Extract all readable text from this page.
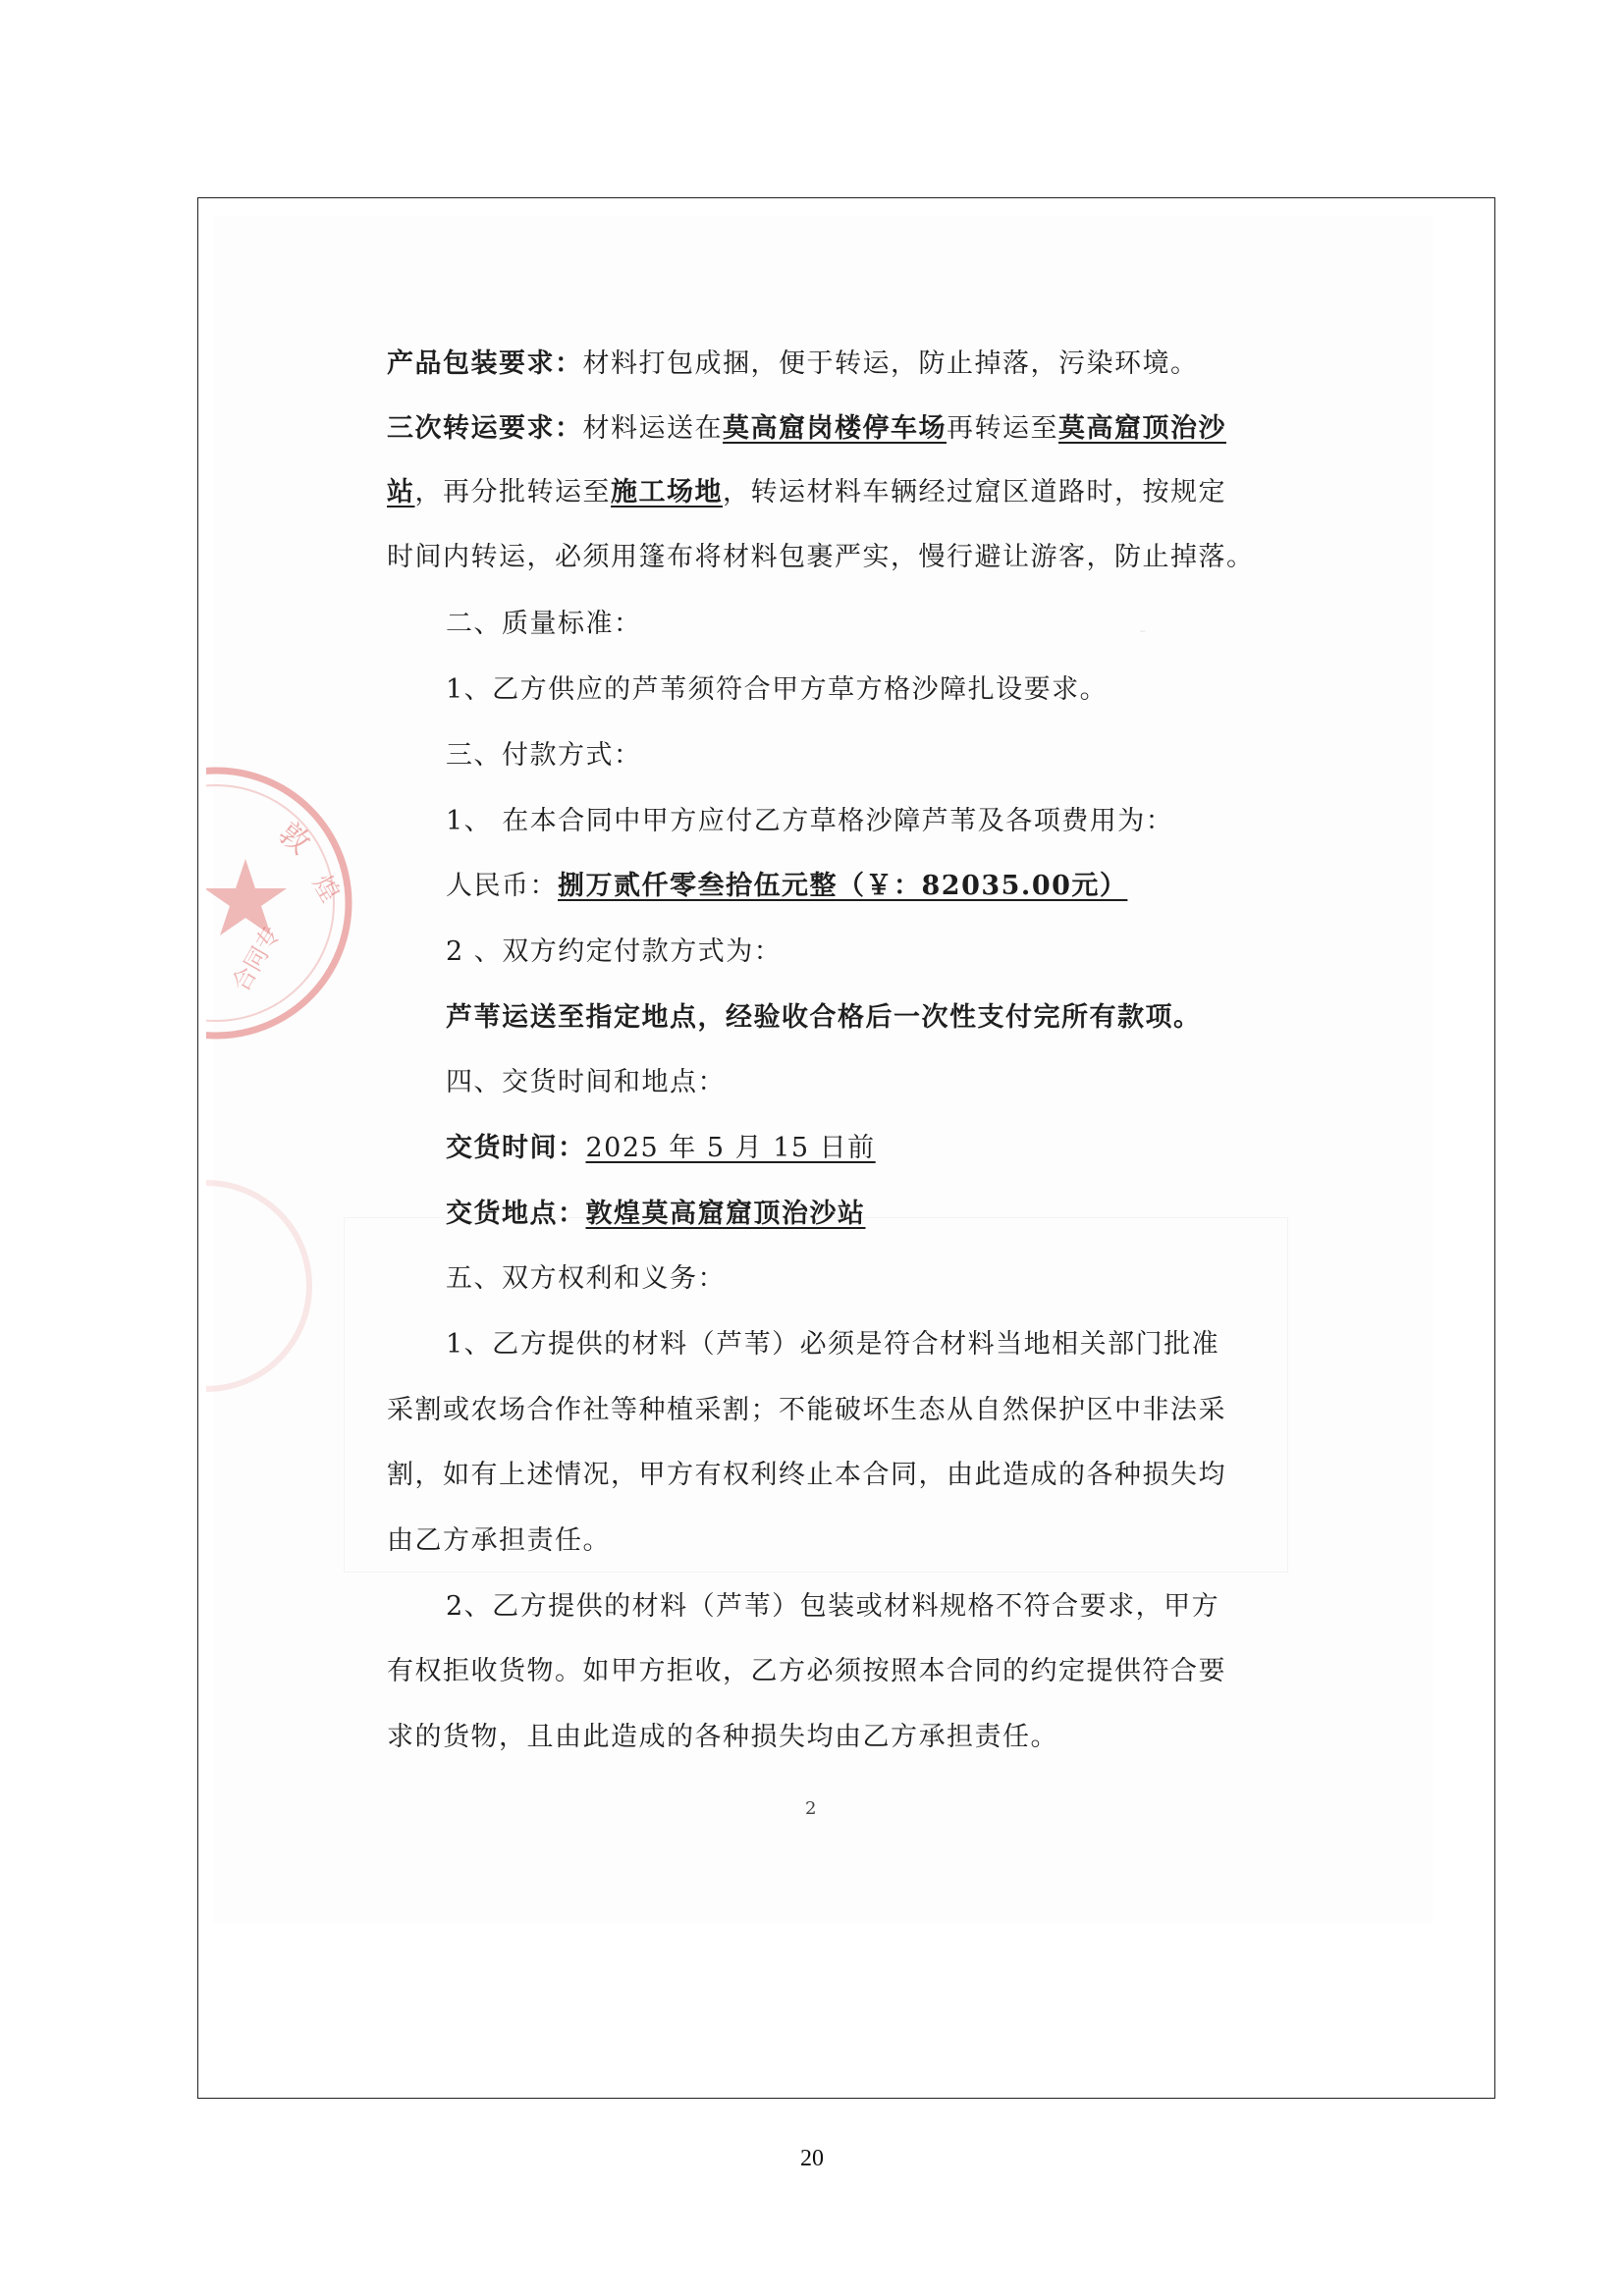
-
敦
煌
合同专
产品包装要求：材料打包成捆，便于转运，防止掉落，污染环境。
三次转运要求：材料运送在莫高窟岗楼停车场再转运至莫高窟顶治沙
站，再分批转运至施工场地，转运材料车辆经过窟区道路时，按规定
时间内转运，必须用篷布将材料包裹严实，慢行避让游客，防止掉落。
二、质量标准：
1、乙方供应的芦苇须符合甲方草方格沙障扎设要求。
三、付款方式：
1、 在本合同中甲方应付乙方草格沙障芦苇及各项费用为：
人民币：捌万贰仟零叁拾伍元整（￥：82035.00元）
2 、双方约定付款方式为：
芦苇运送至指定地点，经验收合格后一次性支付完所有款项。
四、交货时间和地点：
交货时间：2025 年 5 月 15 日前
交货地点：敦煌莫高窟窟顶治沙站
五、双方权利和义务：
1、乙方提供的材料（芦苇）必须是符合材料当地相关部门批准
采割或农场合作社等种植采割；不能破坏生态从自然保护区中非法采
割，如有上述情况，甲方有权利终止本合同，由此造成的各种损失均
由乙方承担责任。
2、乙方提供的材料（芦苇）包装或材料规格不符合要求，甲方
有权拒收货物。如甲方拒收，乙方必须按照本合同的约定提供符合要
求的货物，且由此造成的各种损失均由乙方承担责任。
2
20
